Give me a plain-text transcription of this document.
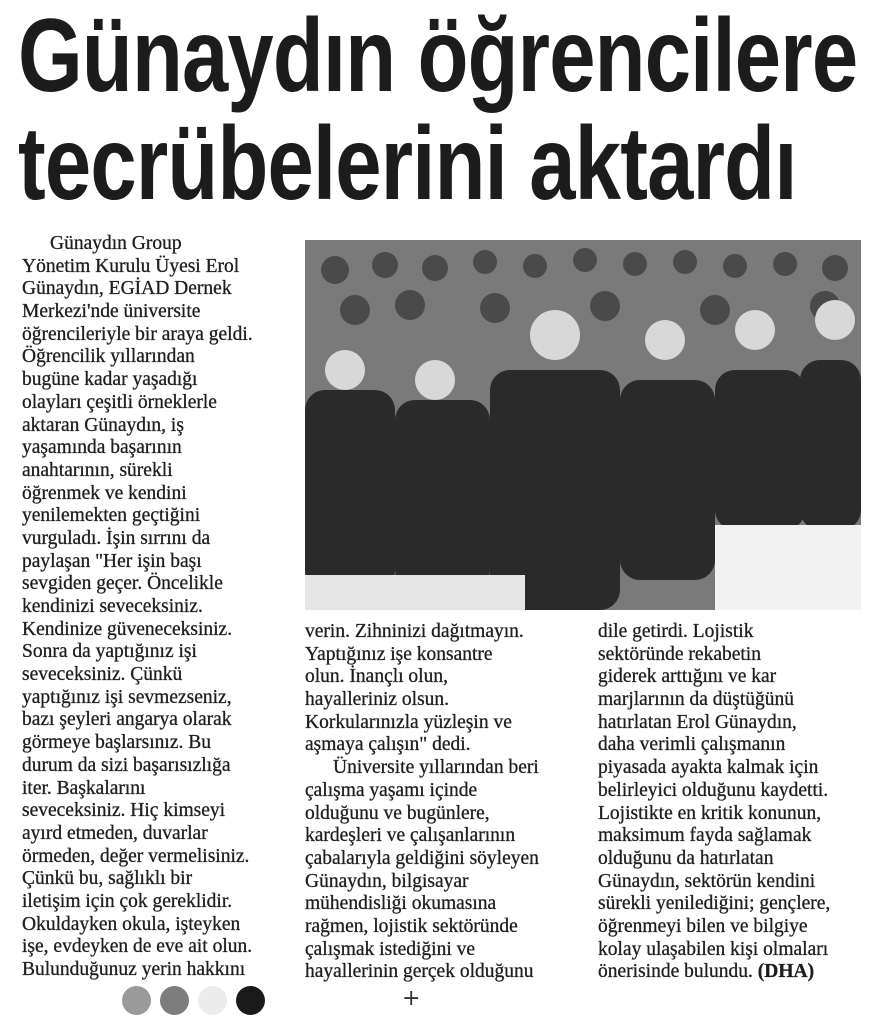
Günaydın öğrencilere
tecrübelerini aktardı
Günaydın Group
Yönetim Kurulu Üyesi Erol
Günaydın, EGİAD Dernek
Merkezi'nde üniversite
öğrencileriyle bir araya geldi.
Öğrencilik yıllarından
bugüne kadar yaşadığı
olayları çeşitli örneklerle
aktaran Günaydın, iş
yaşamında başarının
anahtarının, sürekli
öğrenmek ve kendini
yenilemekten geçtiğini
vurguladı. İşin sırrını da
paylaşan "Her işin başı
sevgiden geçer. Öncelikle
kendinizi seveceksiniz.
Kendinize güveneceksiniz.
Sonra da yaptığınız işi
seveceksiniz. Çünkü
yaptığınız işi sevmezseniz,
bazı şeyleri angarya olarak
görmeye başlarsınız. Bu
durum da sizi başarısızlığa
iter. Başkalarını
seveceksiniz. Hiç kimseyi
ayırd etmeden, duvarlar
örmeden, değer vermelisiniz.
Çünkü bu, sağlıklı bir
iletişim için çok gereklidir.
Okuldayken okula, işteyken
işe, evdeyken de eve ait olun.
Bulunduğunuz yerin hakkını
verin. Zihninizi dağıtmayın.
Yaptığınız işe konsantre
olun. İnançlı olun,
hayalleriniz olsun.
Korkularınızla yüzleşin ve
aşmaya çalışın" dedi.
Üniversite yıllarından beri
çalışma yaşamı içinde
olduğunu ve bugünlere,
kardeşleri ve çalışanlarının
çabalarıyla geldiğini söyleyen
Günaydın, bilgisayar
mühendisliği okumasına
rağmen, lojistik sektöründe
çalışmak istediğini ve
hayallerinin gerçek olduğunu
dile getirdi. Lojistik
sektöründe rekabetin
giderek arttığını ve kar
marjlarının da düştüğünü
hatırlatan Erol Günaydın,
daha verimli çalışmanın
piyasada ayakta kalmak için
belirleyici olduğunu kaydetti.
Lojistikte en kritik konunun,
maksimum fayda sağlamak
olduğunu da hatırlatan
Günaydın, sektörün kendini
sürekli yenilediğini; gençlere,
öğrenmeyi bilen ve bilgiye
kolay ulaşabilen kişi olmaları
önerisinde bulundu. (DHA)
+
